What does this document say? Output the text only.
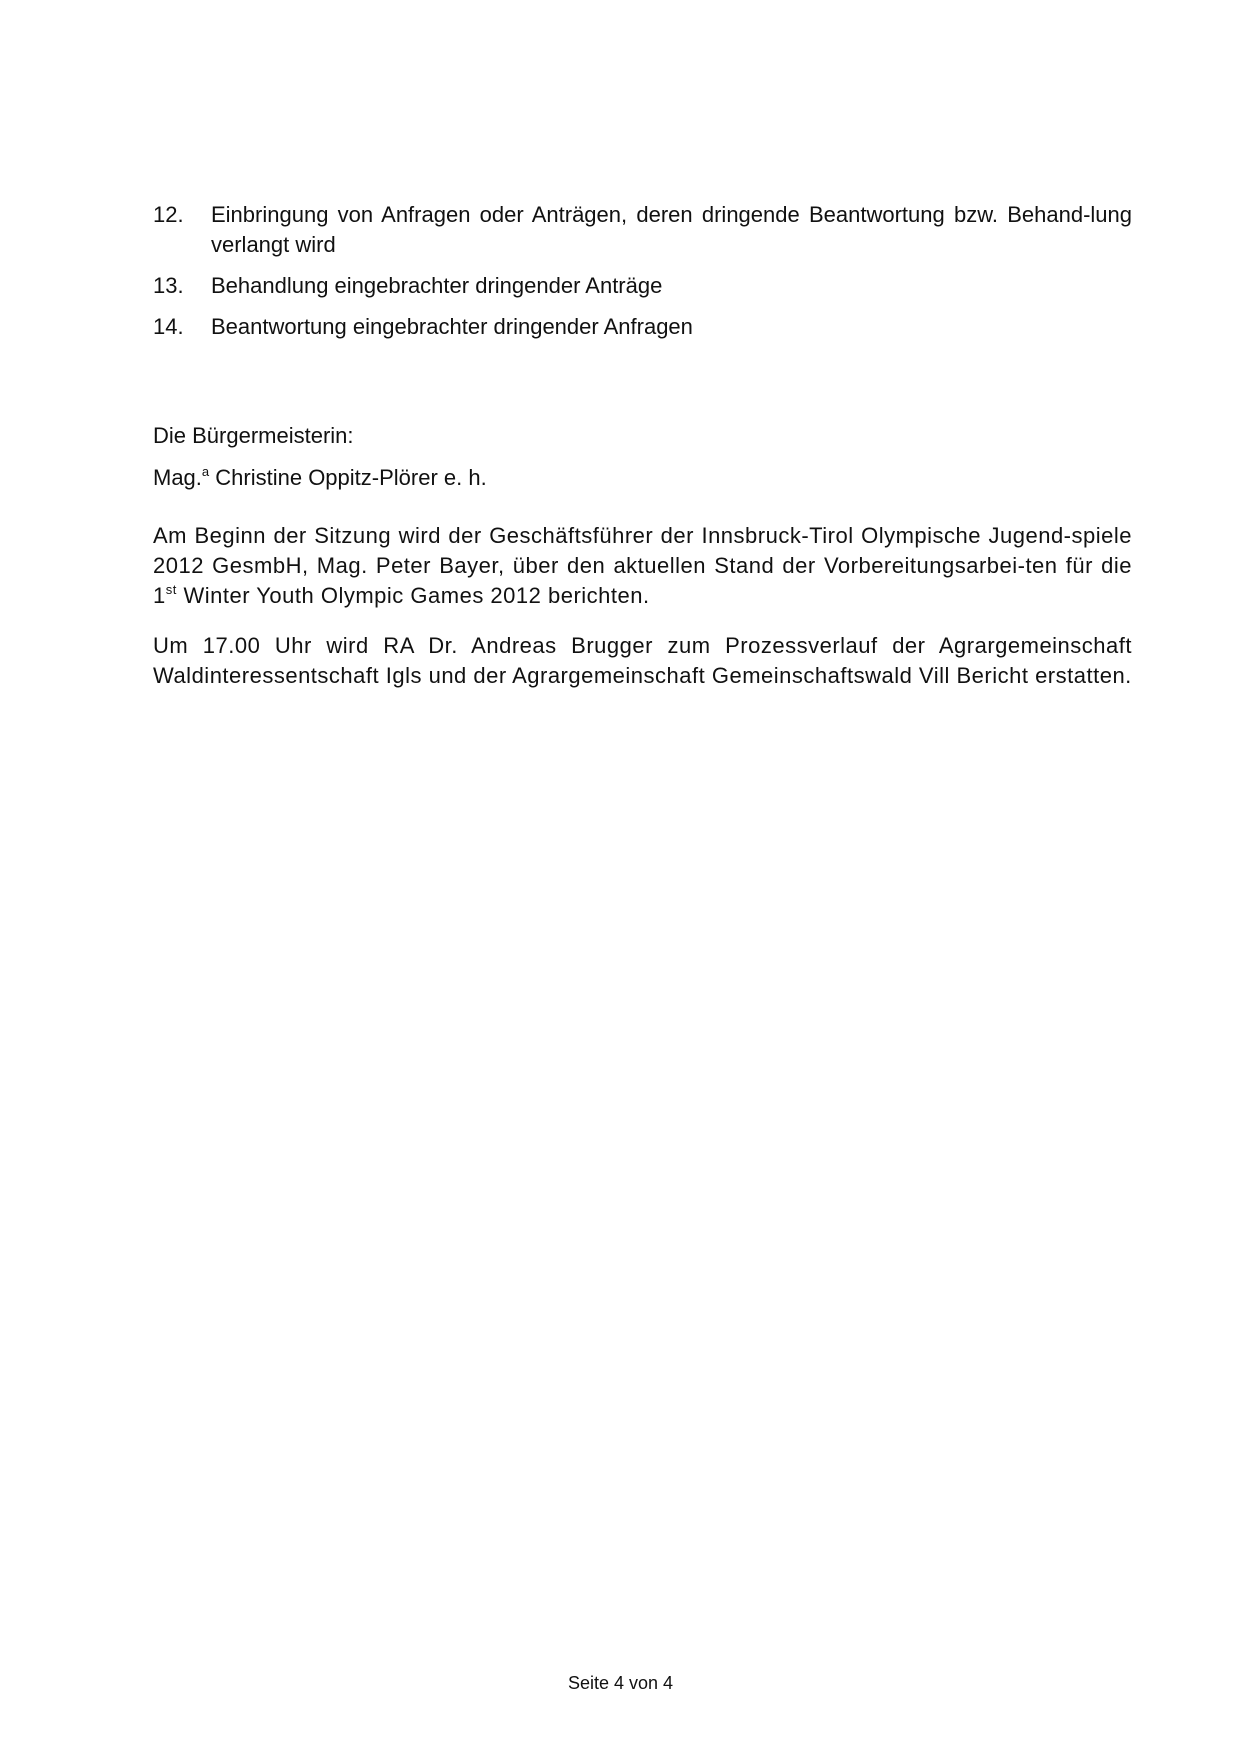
12. Einbringung von Anfragen oder Anträgen, deren dringende Beantwortung bzw. Behand-lung verlangt wird
13. Behandlung eingebrachter dringender Anträge
14. Beantwortung eingebrachter dringender Anfragen
Die Bürgermeisterin:
Mag.$^a$ Christine Oppitz-Plörer e. h.

Am Beginn der Sitzung wird der Geschäftsführer der Innsbruck-Tirol Olympische Jugend-spiele 2012 GesmbH, Mag. Peter Bayer, über den aktuellen Stand der Vorbereitungsarbei-ten für die 1st Winter Youth Olympic Games 2012 berichten.

Um 17.00 Uhr wird RA Dr. Andreas Brugger zum Prozessverlauf der Agrargemeinschaft Waldinteressentschaft Igls und der Agrargemeinschaft Gemeinschaftswald Vill Bericht erstatten.

Seite 4 von 4
